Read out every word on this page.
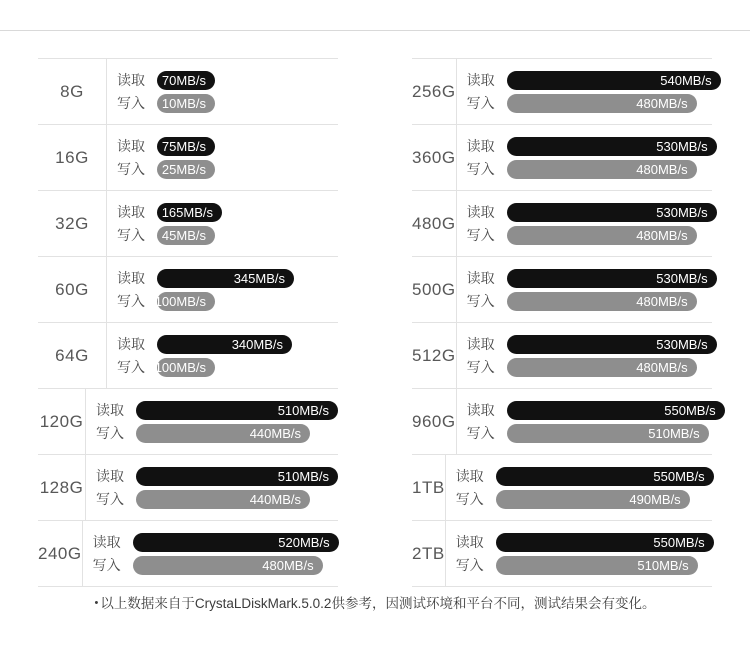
8G
读取	70MB/s
写入	10MB/s
16G
读取	75MB/s
写入	25MB/s
32G
读取	165MB/s
写入	45MB/s
60G
读取	345MB/s
写入 100MB/s
64G
读取	340MB/s
写入 100MB/s
120G
读取	510MB/s
写入	440MB/s
128G
读取	510MB/s
写入	440MB/s
240G
读取	520MB/s
写入	480MB/s
256G
读取	540MB/s
写入	480MB/s
360G
读取	530MB/s
写入	480MB/s
480G
读取	530MB/s
写入	480MB/s
500G
读取	530MB/s
写入	480MB/s
512G
读取	530MB/s
写入	480MB/s
960G
读取	550MB/s
写入	510MB/s
1TB
读取	550MB/s
写入	490MB/s
2TB
读取	550MB/s
写入	510MB/s
• 以上数据来自于CrystaLDiskMark.5.0.2供参考，因测试环境和平台不同，测试结果会有变化。
